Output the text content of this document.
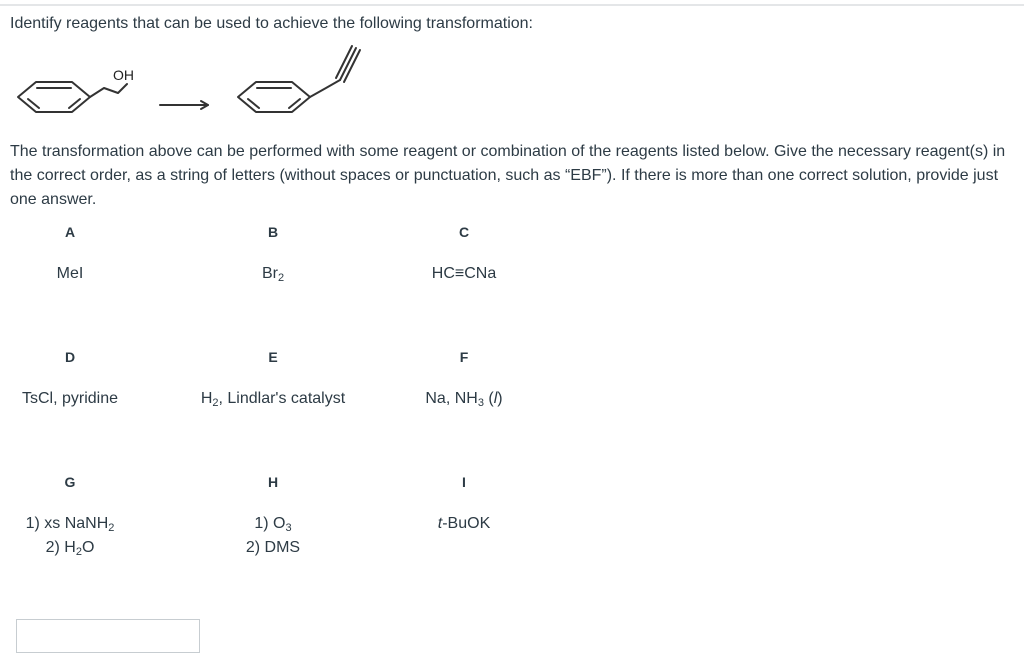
Identify reagents that can be used to achieve the following transformation:
OH
The transformation above can be performed with some reagent or combination of the reagents listed below. Give the necessary reagent(s) in the correct order, as a string of letters (without spaces or punctuation, such as “EBF”). If there is more than one correct solution, provide just one answer.
A
MeI
B
$Br_2$
C
HC≡CNa
D
TsCl, pyridine
E
$H_2$, Lindlar's catalyst
F
Na, $NH_3$ (l)
G
1) xs NaNH$_2$
2) $H_2O$
H
1) $O_3$
2) DMS
I
t-BuOK
